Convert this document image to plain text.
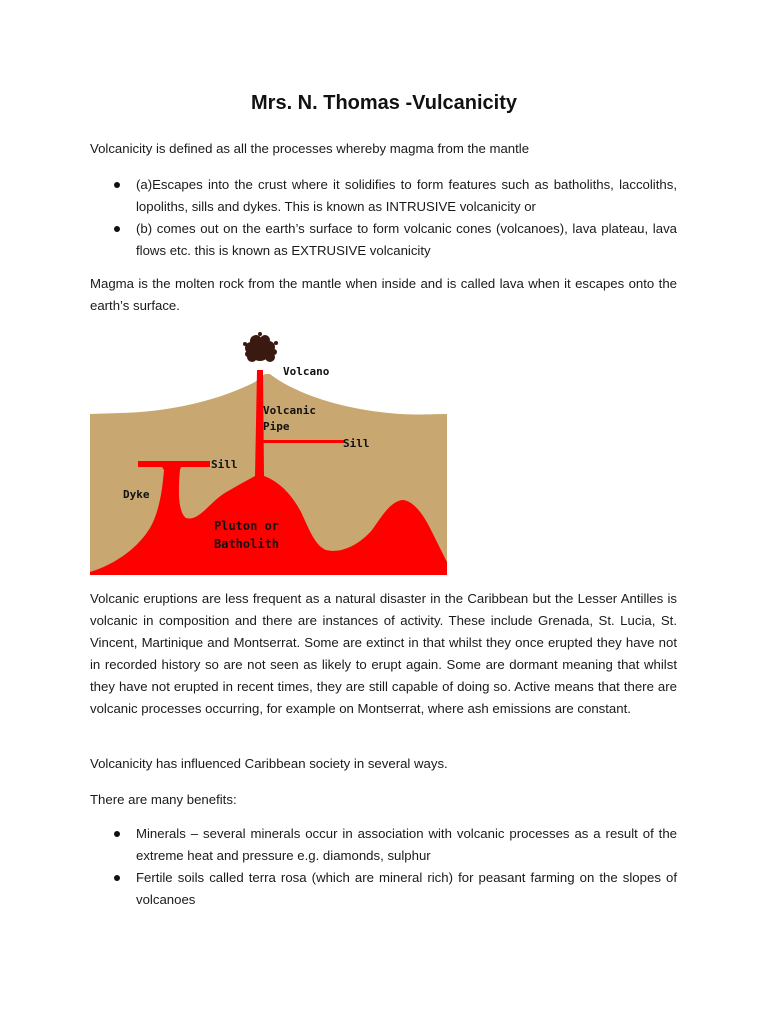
Mrs. N. Thomas -Vulcanicity

Volcanicity is defined as all the processes whereby magma from the mantle

(a)Escapes into the crust where it solidifies to form features such as batholiths, laccoliths, lopoliths, sills and dykes. This is known as INTRUSIVE volcanicity or
(b) comes out on the earth’s surface to form volcanic cones (volcanoes), lava plateau, lava flows etc. this is known as EXTRUSIVE volcanicity

Magma is the molten rock from the mantle when inside and is called lava when it escapes onto the earth’s surface.

Volcanic eruptions are less frequent as a natural disaster in the Caribbean but the Lesser Antilles is volcanic in composition and there are instances of activity. These include Grenada, St. Lucia, St. Vincent, Martinique and Montserrat. Some are extinct in that whilst they once erupted they have not in recorded history so are not seen as likely to erupt again. Some are dormant meaning that whilst they have not erupted in recent times, they are still capable of doing so. Active means that there are volcanic processes occurring, for example on Montserrat, where ash emissions are constant.

Volcanicity has influenced Caribbean society in several ways.

There are many benefits:

Minerals – several minerals occur in association with volcanic processes as a result of the extreme heat and pressure e.g. diamonds, sulphur
Fertile soils called terra rosa (which are mineral rich) for peasant farming on the slopes of volcanoes
Volcano
Volcanic
Pipe
Sill
Sill
Dyke
Pluton or
Batholith
